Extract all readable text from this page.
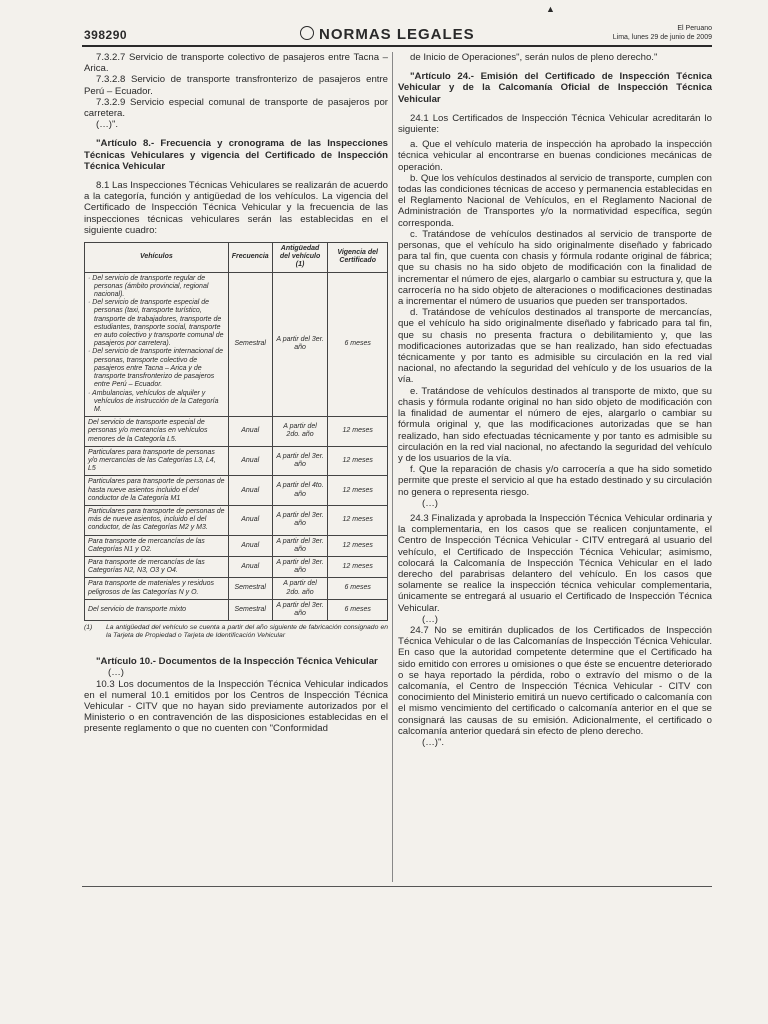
▲
398290	NORMAS LEGALES	El Peruano
Lima, lunes 29 de junio de 2009

7.3.2.7 Servicio de transporte colectivo de pasajeros entre Tacna – Arica.

7.3.2.8 Servicio de transporte transfronterizo de pasajeros entre Perú – Ecuador.

7.3.2.9 Servicio especial comunal de transporte de pasajeros por carretera.

(…)".

"Artículo 8.- Frecuencia y cronograma de las Inspecciones Técnicas Vehiculares y vigencia del Certificado de Inspección Técnica Vehicular

8.1 Las Inspecciones Técnicas Vehiculares se realizarán de acuerdo a la categoría, función y antigüedad de los vehículos. La vigencia del Certificado de Inspección Técnica Vehicular y la frecuencia de las inspecciones técnicas vehiculares serán las establecidas en el siguiente cuadro:

Vehículos	Frecuencia	Antigüedad del vehículo (1)	Vigencia del Certificado

· Del servicio de transporte regular de personas (ámbito provincial, regional nacional).
· Del servicio de transporte especial de personas (taxi, transporte turístico, transporte de trabajadores, transporte de estudiantes, transporte social, transporte en auto colectivo y transporte comunal de pasajeros por carretera).
· Del servicio de transporte internacional de personas, transporte colectivo de pasajeros entre Tacna – Arica y de transporte transfronterizo de pasajeros entre Perú – Ecuador.
· Ambulancias, vehículos de alquiler y vehículos de instrucción de la Categoría M.	Semestral	A partir del 3er. año	6 meses
Del servicio de transporte especial de personas y/o mercancías en vehículos menores de la Categoría L5.	Anual	A partir del 2do. año	12 meses
Particulares para transporte de personas y/o mercancías de las Categorías L3, L4, L5	Anual	A partir del 3er. año	12 meses
Particulares para transporte de personas de hasta nueve asientos incluido el del conductor de la Categoría M1	Anual	A partir del 4to. año	12 meses
Particulares para transporte de personas de más de nueve asientos, incluido el del conductor, de las Categorías M2 y M3.	Anual	A partir del 3er. año	12 meses
Para transporte de mercancías de las Categorías N1 y O2.	Anual	A partir del 3er. año	12 meses
Para transporte de mercancías de las Categorías N2, N3, O3 y O4.	Anual	A partir del 3er. año	12 meses
Para transporte de materiales y residuos peligrosos de las Categorías N y O.	Semestral	A partir del 2do. año	6 meses
Del servicio de transporte mixto	Semestral	A partir del 3er. año	6 meses
(1)	La antigüedad del vehículo se cuenta a partir del año siguiente de fabricación consignado en la Tarjeta de Propiedad o Tarjeta de Identificación Vehicular

"Artículo 10.- Documentos de la Inspección Técnica Vehicular

(…)

10.3 Los documentos de la Inspección Técnica Vehicular indicados en el numeral 10.1 emitidos por los Centros de Inspección Técnica Vehicular - CITV que no hayan sido previamente autorizados por el Ministerio o en contravención de las disposiciones establecidas en el presente reglamento o que no cuenten con "Conformidad

de Inicio de Operaciones", serán nulos de pleno derecho."

"Artículo 24.- Emisión del Certificado de Inspección Técnica Vehicular y de la Calcomanía Oficial de Inspección Técnica Vehicular

24.1 Los Certificados de Inspección Técnica Vehicular acreditarán lo siguiente:

a. Que el vehículo materia de inspección ha aprobado la inspección técnica vehicular al encontrarse en buenas condiciones mecánicas de operación.

b. Que los vehículos destinados al servicio de transporte, cumplen con todas las condiciones técnicas de acceso y permanencia establecidas en el Reglamento Nacional de Vehículos, en el Reglamento Nacional de Administración de Transportes y/o la normatividad específica, según corresponda.

c. Tratándose de vehículos destinados al servicio de transporte de personas, que el vehículo ha sido originalmente diseñado y fabricado para tal fin, que cuenta con chasis y fórmula rodante original de fábrica; que su chasis no ha sido objeto de modificación con la finalidad de incrementar el número de ejes, alargarlo o cambiar su estructura y, que la carrocería no ha sido objeto de alteraciones o modificaciones destinadas a incrementar el número de usuarios que pueden ser transportados.

d. Tratándose de vehículos destinados al transporte de mercancías, que el vehículo ha sido originalmente diseñado y fabricado para tal fin, que su chasis no presenta fractura o debilitamiento y, que las modificaciones autorizadas que se han realizado, han sido efectuadas técnicamente y por tanto es admisible su circulación en la red vial nacional, no afectando la seguridad del vehículo y de los usuarios de la vía.

e. Tratándose de vehículos destinados al transporte de mixto, que su chasis y fórmula rodante original no han sido objeto de modificación con la finalidad de aumentar el número de ejes, alargarlo o cambiar su fórmula original y, que las modificaciones autorizadas que se han realizado, han sido efectuadas técnicamente y por tanto es admisible su circulación en la red vial nacional, no afectando la seguridad del vehículo y de los usuarios de la vía.

f. Que la reparación de chasis y/o carrocería a que ha sido sometido permite que preste el servicio al que ha estado destinado y su circulación no genera o representa riesgo.

(…)

24.3 Finalizada y aprobada la Inspección Técnica Vehicular ordinaria y la complementaria, en los casos que se realicen conjuntamente, el Centro de Inspección Técnica Vehicular - CITV entregará al usuario del vehículo, el Certificado de Inspección Técnica Vehicular; asimismo, colocará la Calcomanía de Inspección Técnica Vehicular en el lado derecho del parabrisas delantero del vehículo. En los casos que solamente se realice la inspección técnica vehicular complementaria, únicamente se entregará al usuario el Certificado de Inspección Técnica Vehicular.

(…)

24.7 No se emitirán duplicados de los Certificados de Inspección Técnica Vehicular o de las Calcomanías de Inspección Técnica Vehicular. En caso que la autoridad competente determine que el Certificado ha sido emitido con errores u omisiones o que éste se encuentre deteriorado o se haya reportado la pérdida, robo o extravío del mismo o de la calcomanía, el Centro de Inspección Técnica Vehicular - CITV con conocimiento del Ministerio emitirá un nuevo certificado o calcomanía con el mismo vencimiento del certificado o calcomanía anterior en el que se consignará las causas de su emisión. Adicionalmente, el certificado o calcomanía anterior quedará sin efecto de pleno derecho.

(…)".
